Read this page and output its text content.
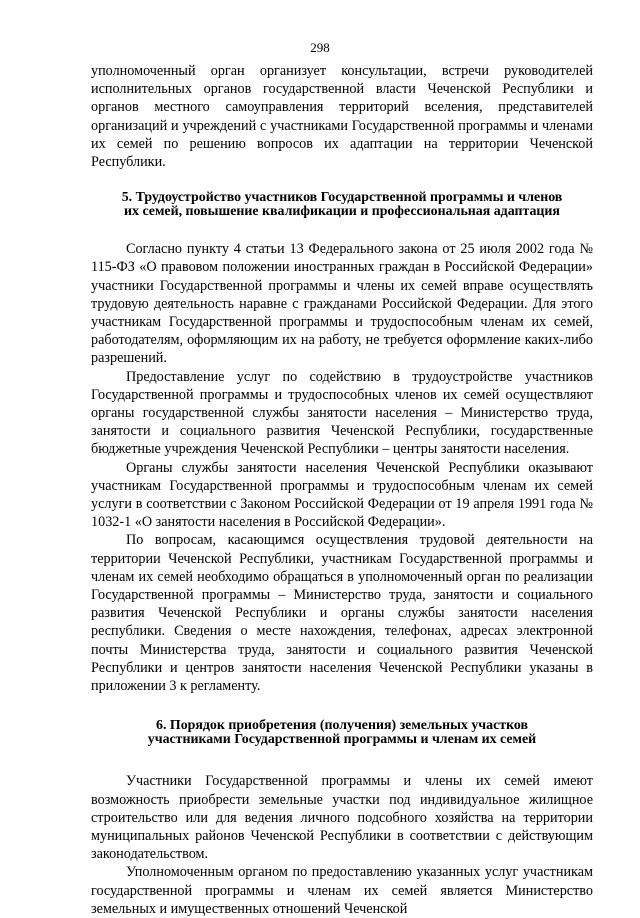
298

уполномоченный орган организует консультации, встречи руководителей исполнительных органов государственной власти Чеченской Республики и органов местного самоуправления территорий вселения, представителей организаций и учреждений с участниками Государственной программы и членами их семей по решению вопросов их адаптации на территории Чеченской Республики.

5. Трудоустройство участников Государственной программы и членов
их семей, повышение квалификации и профессиональная адаптация

Согласно пункту 4 статьи 13 Федерального закона от 25 июля 2002 года № 115-ФЗ «О правовом положении иностранных граждан в Российской Федерации» участники Государственной программы и члены их семей вправе осуществлять трудовую деятельность наравне с гражданами Российской Федерации. Для этого участникам Государственной программы и трудоспособным членам их семей, работодателям, оформляющим их на работу, не требуется оформление каких-либо разрешений.

Предоставление услуг по содействию в трудоустройстве участников Государственной программы и трудоспособных членов их семей осуществляют органы государственной службы занятости населения – Министерство труда, занятости и социального развития Чеченской Республики, государственные бюджетные учреждения Чеченской Республики – центры занятости населения.

Органы службы занятости населения Чеченской Республики оказывают участникам Государственной программы и трудоспособным членам их семей услуги в соответствии с Законом Российской Федерации от 19 апреля 1991 года № 1032-1 «О занятости населения в Российской Федерации».

По вопросам, касающимся осуществления трудовой деятельности на территории Чеченской Республики, участникам Государственной программы и членам их семей необходимо обращаться в уполномоченный орган по реализации Государственной программы – Министерство труда, занятости и социального развития Чеченской Республики и органы службы занятости населения республики. Сведения о месте нахождения, телефонах, адресах электронной почты Министерства труда, занятости и социального развития Чеченской Республики и центров занятости населения Чеченской Республики указаны в приложении 3 к регламенту.

6. Порядок приобретения (получения) земельных участков
участниками Государственной программы и членам их семей

Участники Государственной программы и члены их семей имеют возможность приобрести земельные участки под индивидуальное жилищное строительство или для ведения личного подсобного хозяйства на территории муниципальных районов Чеченской Республики в соответствии с действующим законодательством.

Уполномоченным органом по предоставлению указанных услуг участникам государственной программы и членам их семей является Министерство земельных и имущественных отношений Чеченской
